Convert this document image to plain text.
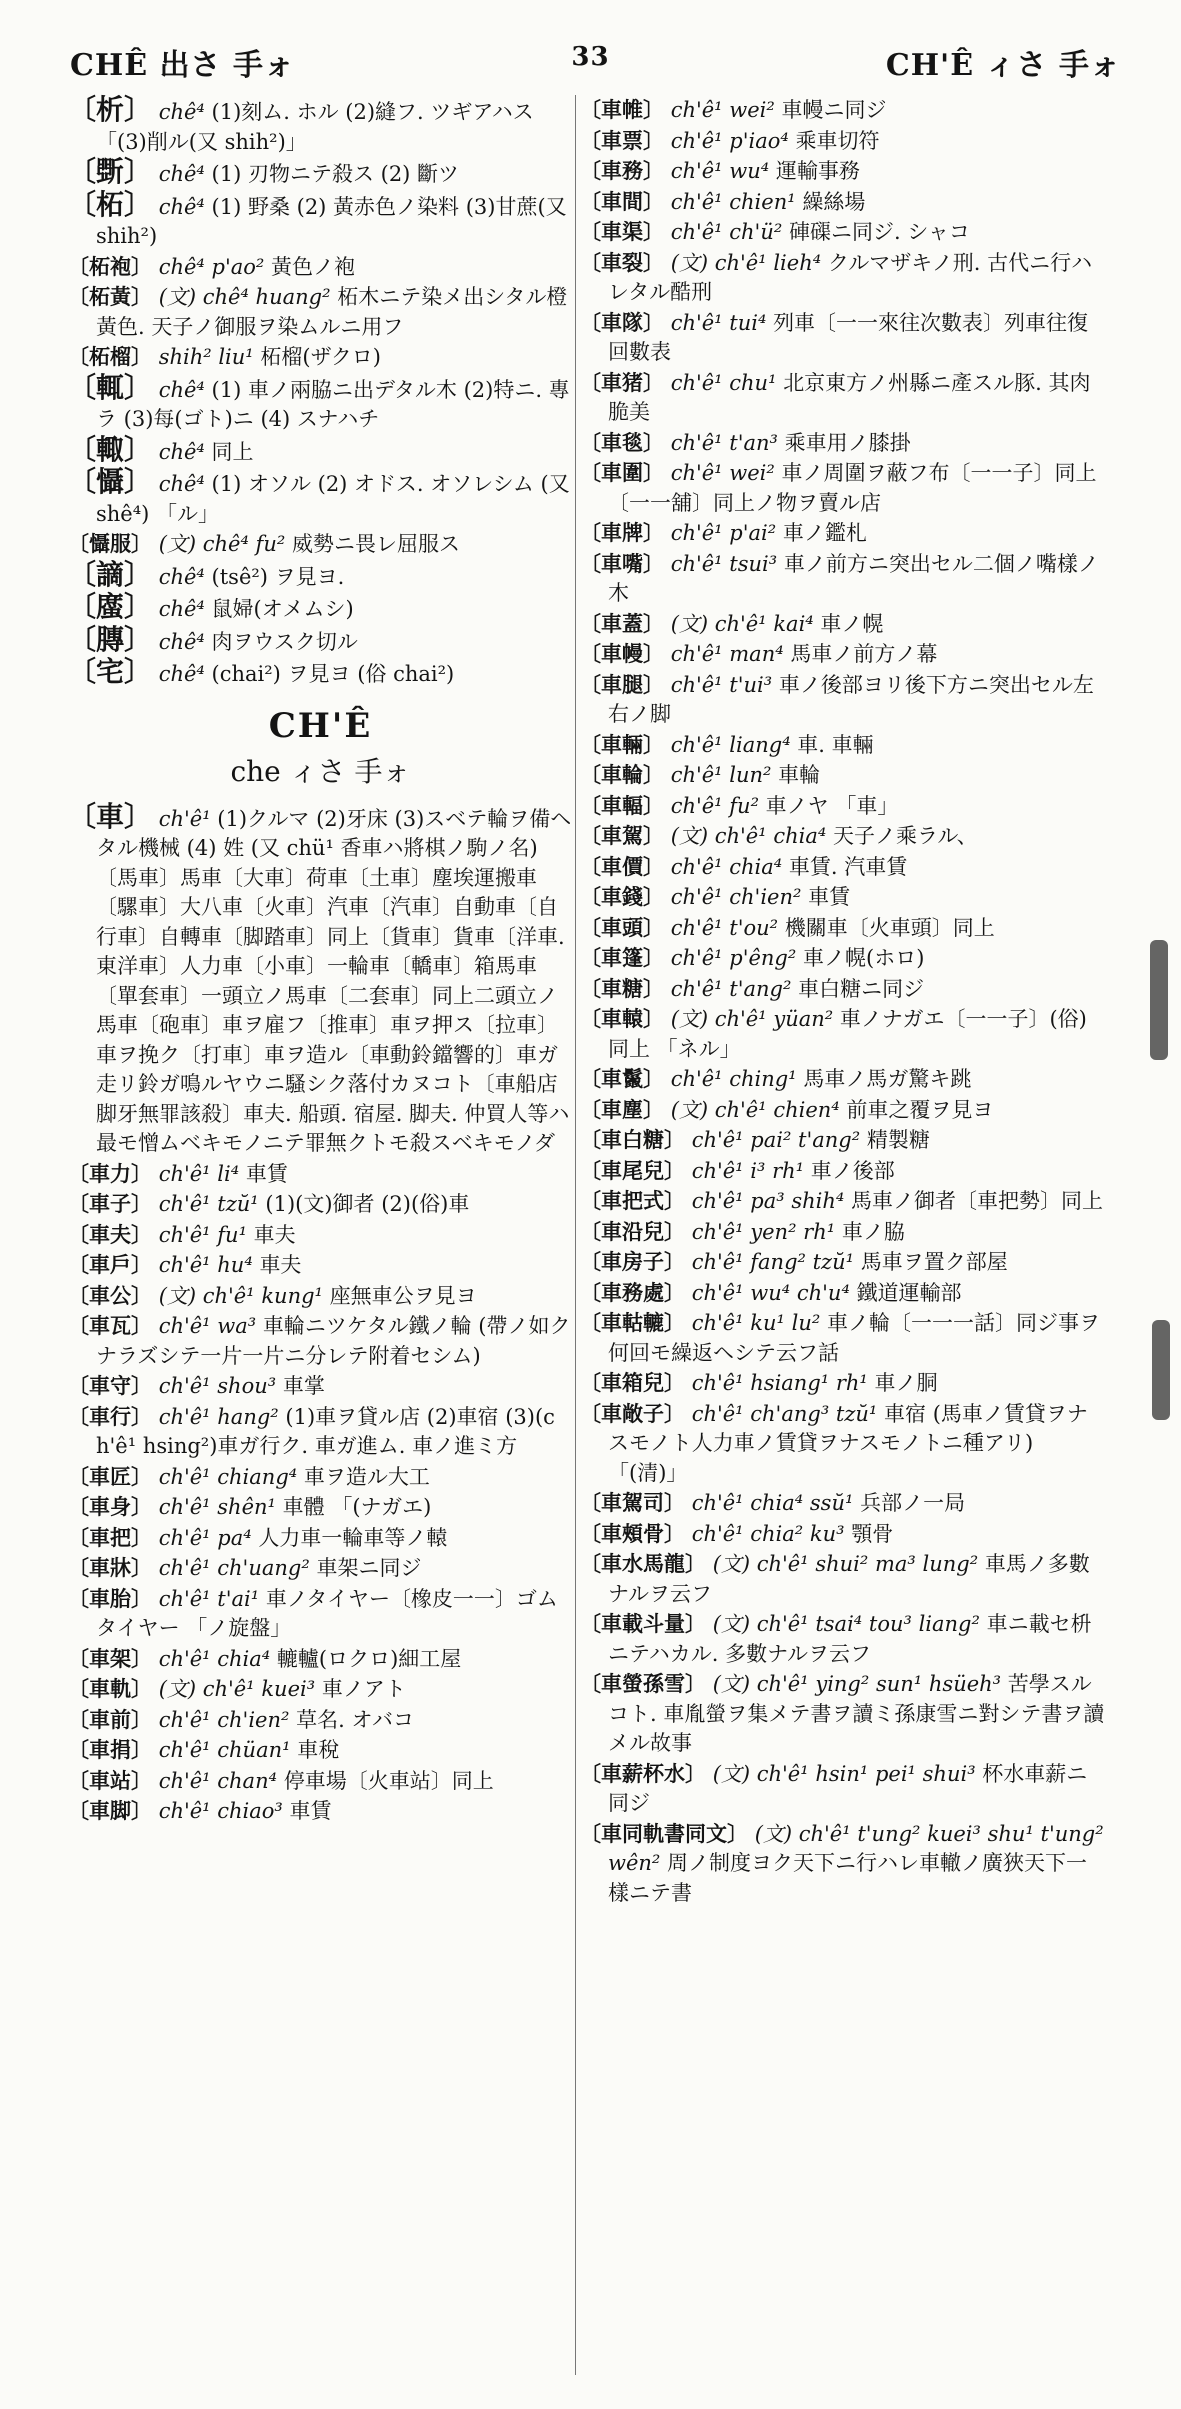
CHÊ 出さ 手ォ	33	CH'Ê ィさ 手ォ

〔析〕 chê⁴ (1)刻ム. ホル (2)縫フ. ツギアハス 「(3)削ル(又 shih²)」

〔斲〕 chê⁴ (1) 刃物ニテ殺ス (2) 斷ツ

〔柘〕 chê⁴ (1) 野桑 (2) 黃赤色ノ染料 (3)甘蔗(又 shih²)

〔柘袍〕 chê⁴ p'ao² 黃色ノ袍

〔柘黃〕 (文) chê⁴ huang² 柘木ニテ染メ出シタル橙黃色. 天子ノ御服ヲ染ムルニ用フ

〔柘榴〕 shih² liu¹ 柘榴(ザクロ)

〔輒〕 chê⁴ (1) 車ノ兩脇ニ出デタル木 (2)特ニ. 專ラ (3)每(ゴト)ニ (4) スナハチ

〔輙〕 chê⁴ 同上

〔懾〕 chê⁴ (1) オソル (2) オドス. オソレシム (又 shê⁴) 「ル」

〔懾服〕 (文) chê⁴ fu² 威勢ニ畏レ屈服ス

〔謫〕 chê⁴ (tsê²) ヲ見ヨ.

〔䗪〕 chê⁴ 鼠婦(オメムシ)

〔膞〕 chê⁴ 肉ヲウスク切ル

〔宅〕 chê⁴ (chai²) ヲ見ヨ (俗 chai²)

CH'Ê
che ィさ 手ォ

〔車〕 ch'ê¹ (1)クルマ (2)牙床 (3)スベテ輪ヲ備ヘタル機械 (4) 姓 (又 chü¹ 香車ハ將棋ノ駒ノ名) 〔馬車〕馬車〔大車〕荷車〔土車〕塵埃運搬車〔騾車〕大八車〔火車〕汽車〔汽車〕自動車〔自行車〕自轉車〔脚踏車〕同上〔貨車〕貨車〔洋車. 東洋車〕人力車〔小車〕一輪車〔轎車〕箱馬車〔單套車〕一頭立ノ馬車〔二套車〕同上二頭立ノ馬車〔砲車〕車ヲ雇フ〔推車〕車ヲ押ス〔拉車〕車ヲ挽ク〔打車〕車ヲ造ル〔車動鈴鐺響的〕車ガ走リ鈴ガ鳴ルヤウニ騷シク落付カヌコト〔車船店脚牙無罪該殺〕車夫. 船頭. 宿屋. 脚夫. 仲買人等ハ最モ憎ムベキモノニテ罪無クトモ殺スベキモノダ

〔車力〕 ch'ê¹ li⁴ 車賃

〔車子〕 ch'ê¹ tzŭ¹ (1)(文)御者 (2)(俗)車

〔車夫〕 ch'ê¹ fu¹ 車夫

〔車戶〕 ch'ê¹ hu⁴ 車夫

〔車公〕 (文) ch'ê¹ kung¹ 座無車公ヲ見ヨ

〔車瓦〕 ch'ê¹ wa³ 車輪ニツケタル鐵ノ輪 (帶ノ如クナラズシテ一片一片ニ分レテ附着セシム)

〔車守〕 ch'ê¹ shou³ 車掌

〔車行〕 ch'ê¹ hang² (1)車ヲ貸ル店 (2)車宿 (3)(ch'ê¹ hsing²)車ガ行ク. 車ガ進ム. 車ノ進ミ方

〔車匠〕 ch'ê¹ chiang⁴ 車ヲ造ル大工

〔車身〕 ch'ê¹ shên¹ 車體 「(ナガエ)

〔車把〕 ch'ê¹ pa⁴ 人力車一輪車等ノ轅

〔車牀〕 ch'ê¹ ch'uang² 車架ニ同ジ

〔車胎〕 ch'ê¹ t'ai¹ 車ノタイヤー〔橡皮一一〕ゴムタイヤー 「ノ旋盤」

〔車架〕 ch'ê¹ chia⁴ 轆轤(ロクロ)細工屋

〔車軌〕 (文) ch'ê¹ kuei³ 車ノアト

〔車前〕 ch'ê¹ ch'ien² 草名. オバコ

〔車捐〕 ch'ê¹ chüan¹ 車稅

〔車站〕 ch'ê¹ chan⁴ 停車場〔火車站〕同上

〔車脚〕 ch'ê¹ chiao³ 車賃

〔車帷〕 ch'ê¹ wei² 車幔ニ同ジ

〔車票〕 ch'ê¹ p'iao⁴ 乘車切符

〔車務〕 ch'ê¹ wu⁴ 運輸事務

〔車間〕 ch'ê¹ chien¹ 繰絲場

〔車渠〕 ch'ê¹ ch'ü² 硨磲ニ同ジ. シャコ

〔車裂〕 (文) ch'ê¹ lieh⁴ クルマザキノ刑. 古代ニ行ハレタル酷刑

〔車隊〕 ch'ê¹ tui⁴ 列車〔一一來往次數表〕列車往復回數表

〔車猪〕 ch'ê¹ chu¹ 北京東方ノ州縣ニ產スル豚. 其肉脆美

〔車毯〕 ch'ê¹ t'an³ 乘車用ノ膝掛

〔車圍〕 ch'ê¹ wei² 車ノ周圍ヲ蔽フ布〔一一子〕同上〔一一舖〕同上ノ物ヲ賣ル店

〔車牌〕 ch'ê¹ p'ai² 車ノ鑑札

〔車嘴〕 ch'ê¹ tsui³ 車ノ前方ニ突出セル二個ノ嘴樣ノ木

〔車蓋〕 (文) ch'ê¹ kai⁴ 車ノ幌

〔車幔〕 ch'ê¹ man⁴ 馬車ノ前方ノ幕

〔車腿〕 ch'ê¹ t'ui³ 車ノ後部ヨリ後下方ニ突出セル左右ノ脚

〔車輛〕 ch'ê¹ liang⁴ 車. 車輛

〔車輪〕 ch'ê¹ lun² 車輪

〔車輻〕 ch'ê¹ fu² 車ノヤ 「車」

〔車駕〕 (文) ch'ê¹ chia⁴ 天子ノ乘ラル、

〔車價〕 ch'ê¹ chia⁴ 車賃. 汽車賃

〔車錢〕 ch'ê¹ ch'ien² 車賃

〔車頭〕 ch'ê¹ t'ou² 機關車〔火車頭〕同上

〔車篷〕 ch'ê¹ p'êng² 車ノ幌(ホロ)

〔車糖〕 ch'ê¹ t'ang² 車白糖ニ同ジ

〔車轅〕 (文) ch'ê¹ yüan² 車ノナガエ〔一一子〕(俗)同上 「ネル」

〔車鬣〕 ch'ê¹ ching¹ 馬車ノ馬ガ驚キ跳

〔車塵〕 (文) ch'ê¹ chien⁴ 前車之覆ヲ見ヨ

〔車白糖〕 ch'ê¹ pai² t'ang² 精製糖

〔車尾兒〕 ch'ê¹ i³ rh¹ 車ノ後部

〔車把式〕 ch'ê¹ pa³ shih⁴ 馬車ノ御者〔車把勢〕同上

〔車沿兒〕 ch'ê¹ yen² rh¹ 車ノ脇

〔車房子〕 ch'ê¹ fang² tzŭ¹ 馬車ヲ置ク部屋

〔車務處〕 ch'ê¹ wu⁴ ch'u⁴ 鐵道運輸部

〔車軲轆〕 ch'ê¹ ku¹ lu² 車ノ輪〔一一一話〕同ジ事ヲ何回モ繰返ヘシテ云フ話

〔車箱兒〕 ch'ê¹ hsiang¹ rh¹ 車ノ胴

〔車敞子〕 ch'ê¹ ch'ang³ tzŭ¹ 車宿 (馬車ノ賃貸ヲナスモノト人力車ノ賃貸ヲナスモノトニ種アリ) 「(清)」

〔車駕司〕 ch'ê¹ chia⁴ ssŭ¹ 兵部ノ一局

〔車頰骨〕 ch'ê¹ chia² ku³ 顎骨

〔車水馬龍〕 (文) ch'ê¹ shui² ma³ lung² 車馬ノ多數ナルヲ云フ

〔車載斗量〕 (文) ch'ê¹ tsai⁴ tou³ liang² 車ニ載セ枡ニテハカル. 多數ナルヲ云フ

〔車螢孫雪〕 (文) ch'ê¹ ying² sun¹ hsüeh³ 苦學スルコト. 車胤螢ヲ集メテ書ヲ讀ミ孫康雪ニ對シテ書ヲ讀メル故事

〔車薪杯水〕 (文) ch'ê¹ hsin¹ pei¹ shui³ 杯水車薪ニ同ジ

〔車同軌書同文〕 (文) ch'ê¹ t'ung² kuei³ shu¹ t'ung² wên² 周ノ制度ヨク天下ニ行ハレ車轍ノ廣狹天下一樣ニテ書
